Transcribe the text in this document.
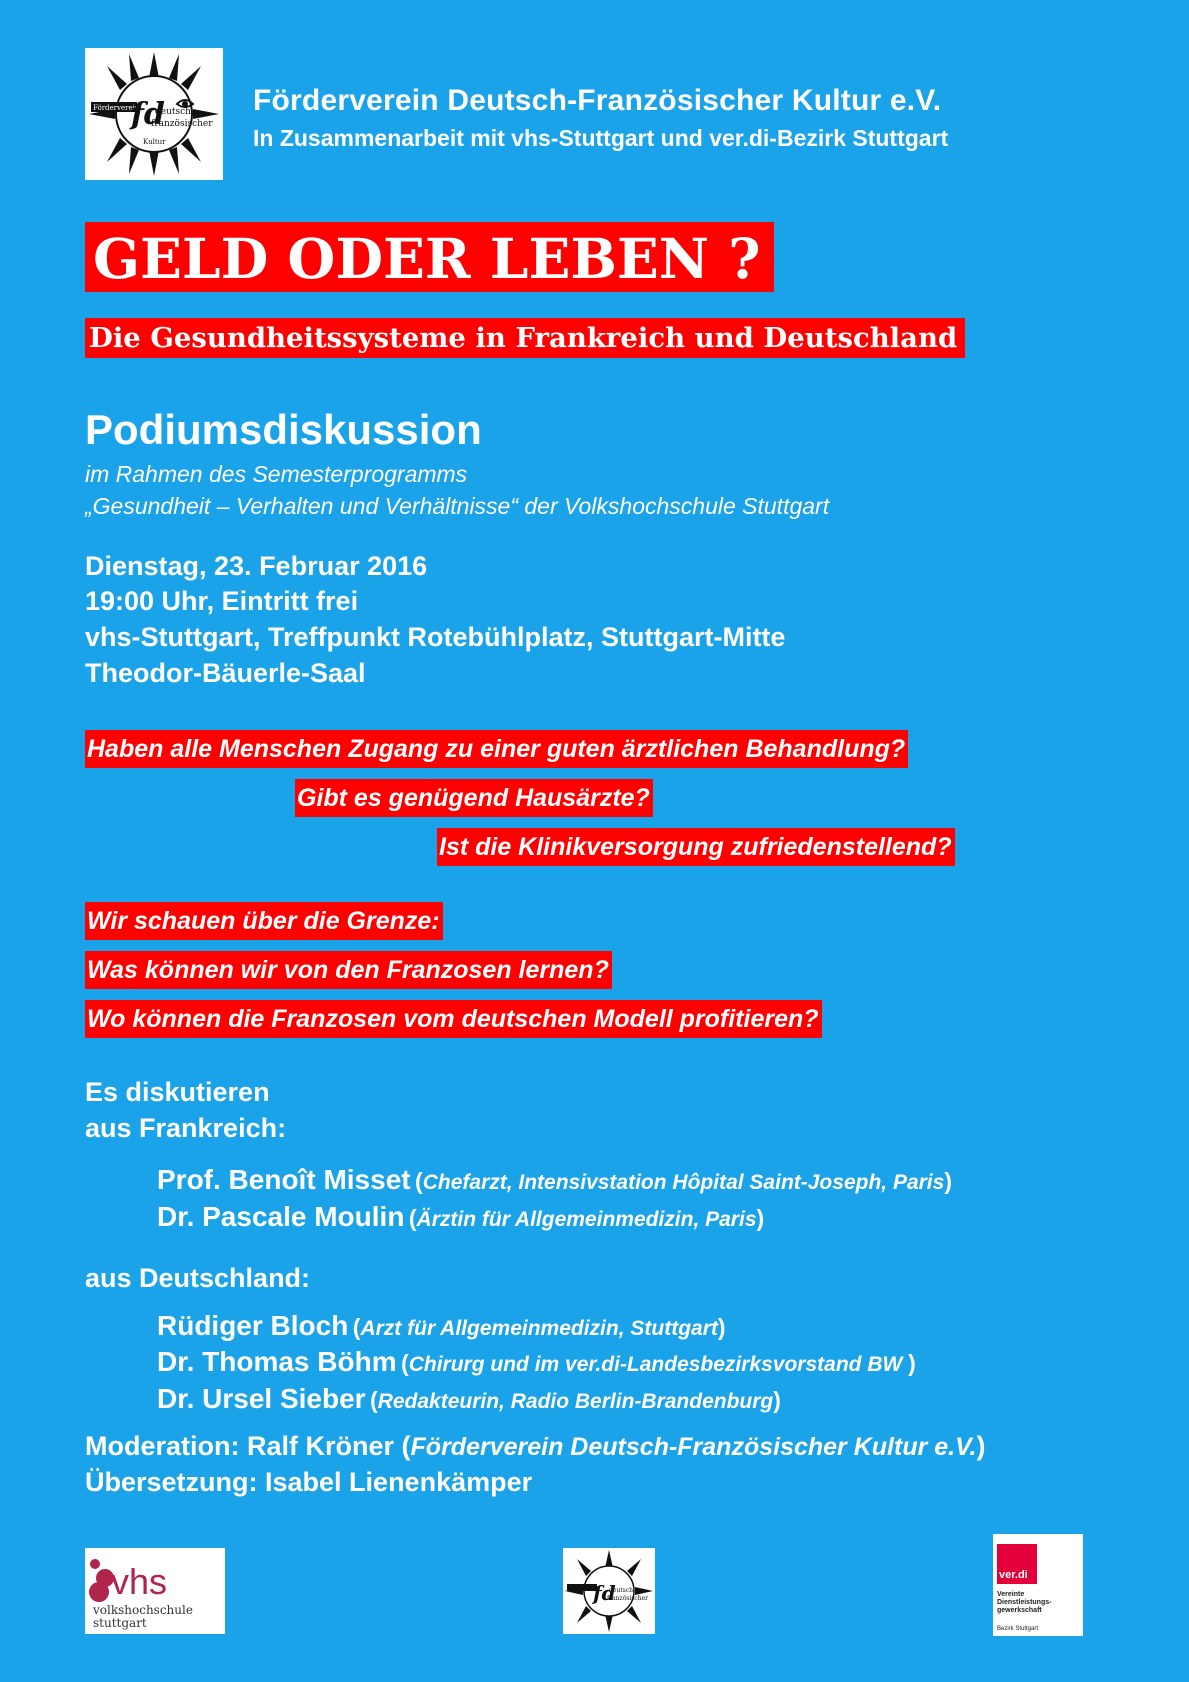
Förderverein
fd
deutsch-
französischer
Kultur
Förderverein Deutsch-Französischer Kultur e.V.
In Zusammenarbeit mit vhs-Stuttgart und ver.di-Bezirk Stuttgart
GELD ODER LEBEN ?
Die Gesundheitssysteme in Frankreich und Deutschland
Podiumsdiskussion
im Rahmen des Semesterprogramms
„Gesundheit – Verhalten und Verhältnisse“ der Volkshochschule Stuttgart
Dienstag, 23. Februar 2016
19:00 Uhr, Eintritt frei
vhs-Stuttgart, Treffpunkt Rotebühlplatz, Stuttgart-Mitte
Theodor-Bäuerle-Saal
Haben alle Menschen Zugang zu einer guten ärztlichen Behandlung?
Gibt es genügend Hausärzte?
Ist die Klinikversorgung zufriedenstellend?
Wir schauen über die Grenze:
Was können wir von den Franzosen lernen?
Wo können die Franzosen vom deutschen Modell profitieren?
Es diskutieren
aus Frankreich:
Prof. Benoît Misset (Chefarzt, Intensivstation Hôpital Saint-Joseph, Paris)
Dr. Pascale Moulin (Ärztin für Allgemeinmedizin, Paris)
aus Deutschland:
Rüdiger Bloch (Arzt für Allgemeinmedizin, Stuttgart)
Dr. Thomas Böhm (Chirurg und im ver.di-Landesbezirksvorstand BW )
Dr. Ursel Sieber (Redakteurin, Radio Berlin-Brandenburg)
Moderation: Ralf Kröner (Förderverein Deutsch-Französischer Kultur e.V.)
Übersetzung: Isabel Lienenkämper
vhs
volkshochschule
stuttgart
fd
deutsch-
französischer
ver.di
Vereinte
Dienstleistungs-
gewerkschaft
Bezirk Stuttgart
